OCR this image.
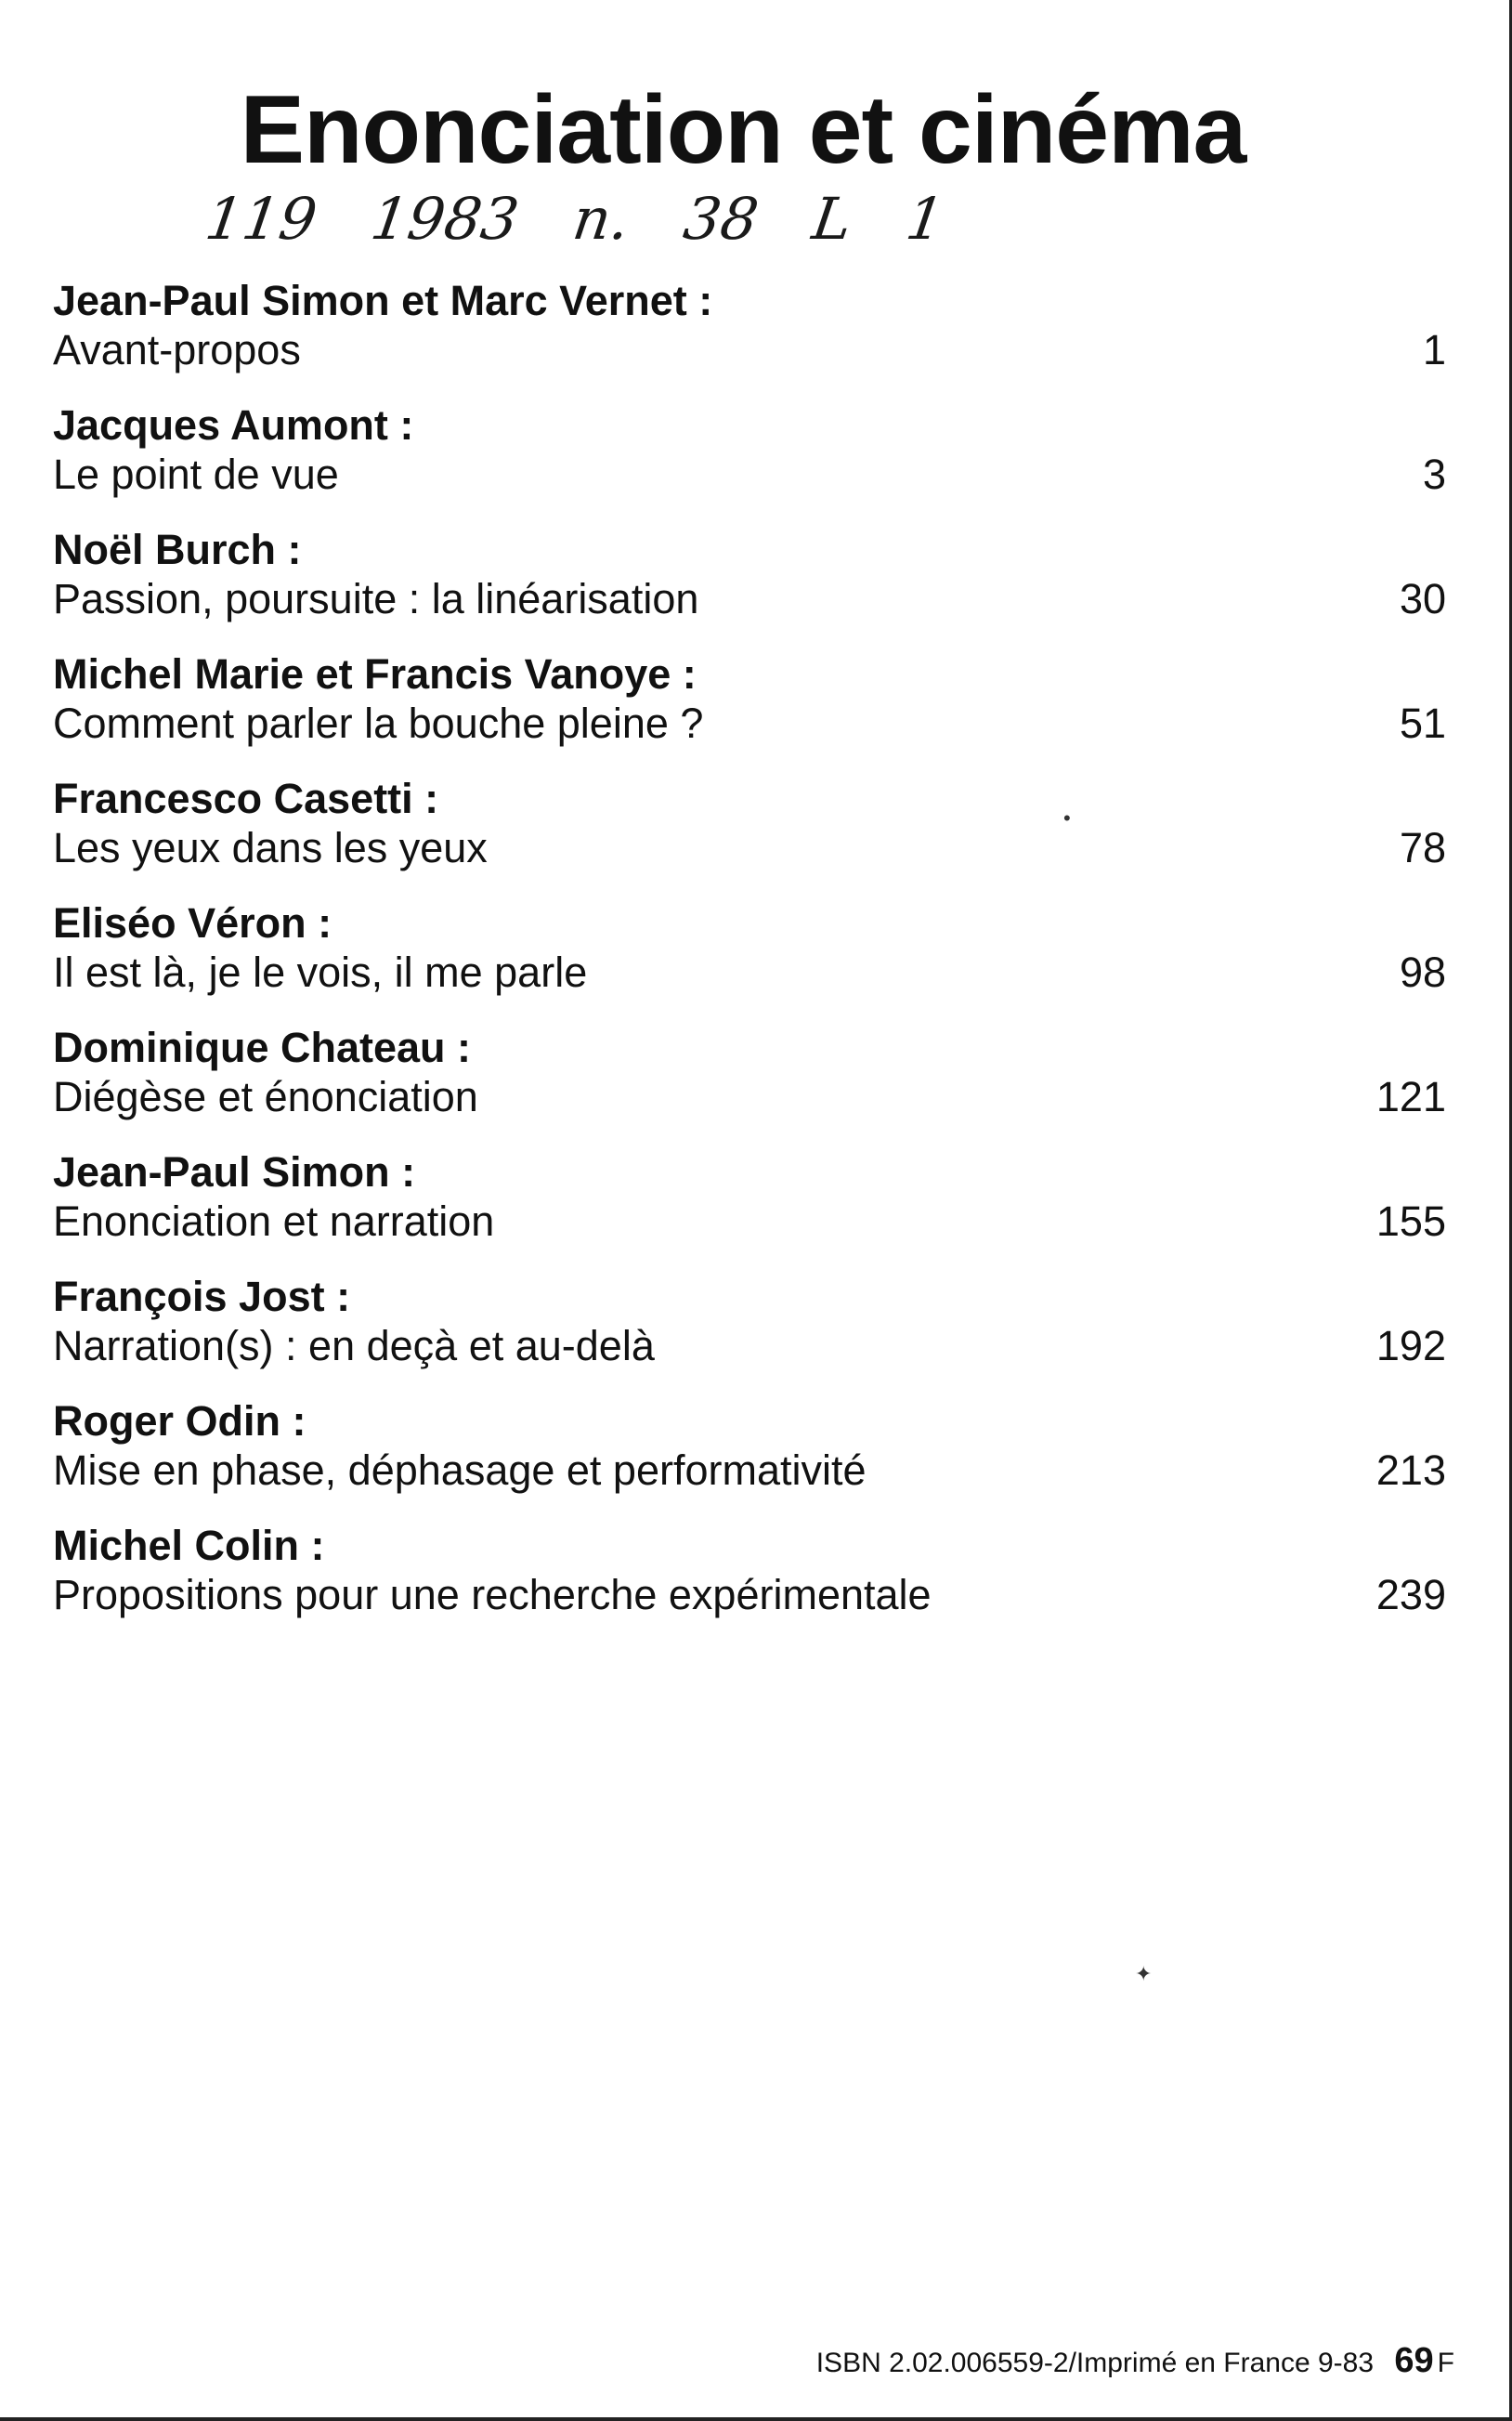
Enonciation et cinéma
119 1983 n. 38 L 1
Jean-Paul Simon et Marc Vernet :
Avant-propos	1
Jacques Aumont :
Le point de vue	3
Noël Burch :
Passion, poursuite : la linéarisation	30
Michel Marie et Francis Vanoye :
Comment parler la bouche pleine ?	51
Francesco Casetti :
Les yeux dans les yeux	78
Eliséo Véron :
Il est là, je le vois, il me parle	98
Dominique Chateau :
Diégèse et énonciation	121
Jean-Paul Simon :
Enonciation et narration	155
François Jost :
Narration(s) : en deçà et au-delà	192
Roger Odin :
Mise en phase, déphasage et performativité	213
Michel Colin :
Propositions pour une recherche expérimentale	239
•
✦
ISBN 2.02.006559-2/Imprimé en France 9-83 69 F
